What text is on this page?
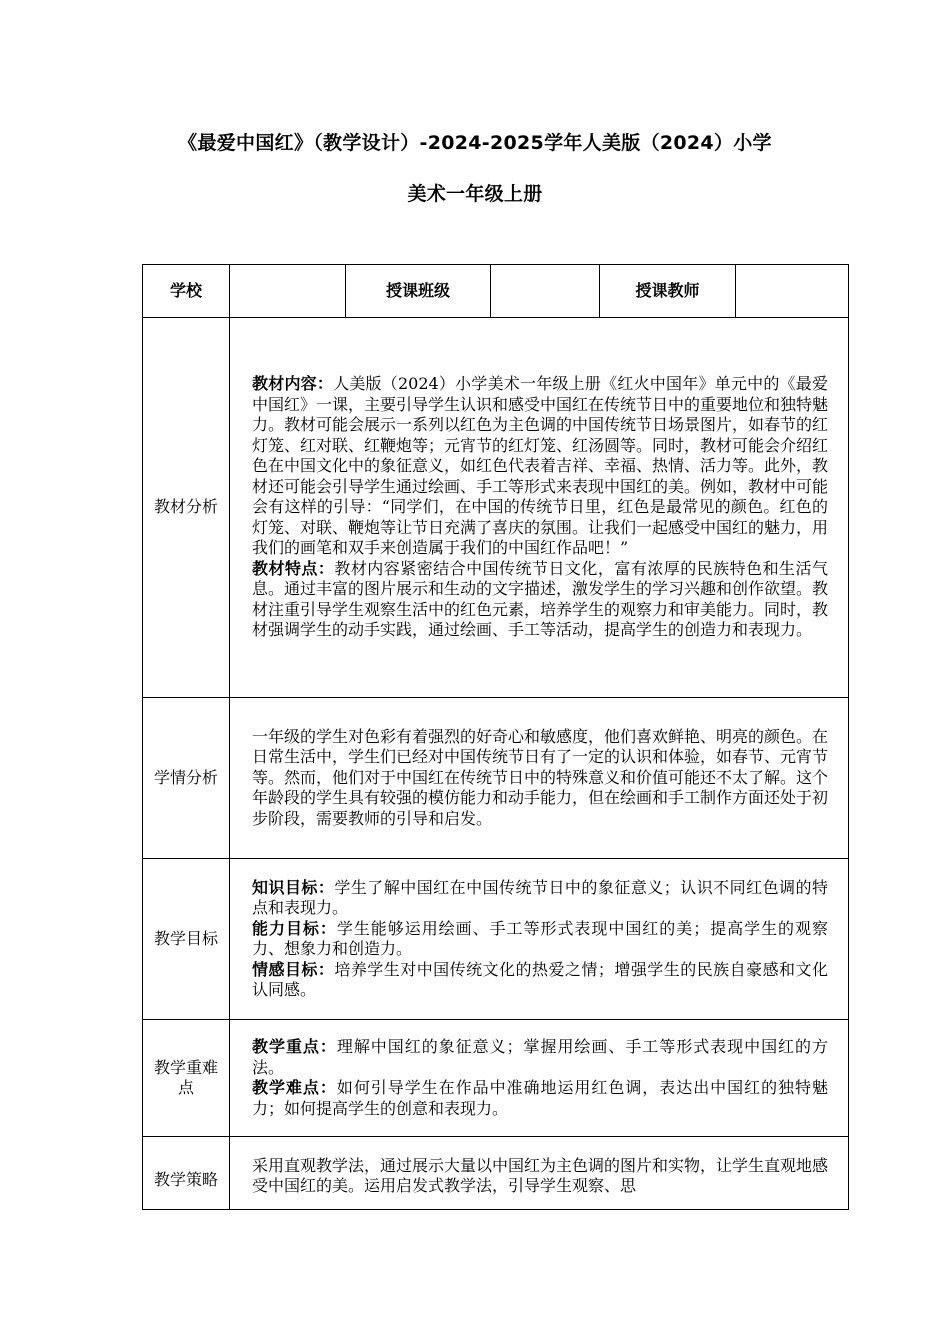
《最爱中国红》（教学设计）-2024-2025学年人美版（2024）小学
美术一年级上册
学校		授课班级		授课教师	
教材分析	教材内容：人美版（2024）小学美术一年级上册《红火中国年》单元中的《最爱中国红》一课，主要引导学生认识和感受中国红在传统节日中的重要地位和独特魅力。教材可能会展示一系列以红色为主色调的中国传统节日场景图片，如春节的红灯笼、红对联、红鞭炮等；元宵节的红灯笼、红汤圆等。同时，教材可能会介绍红色在中国文化中的象征意义，如红色代表着吉祥、幸福、热情、活力等。此外，教材还可能会引导学生通过绘画、手工等形式来表现中国红的美。例如，教材中可能会有这样的引导：“同学们，在中国的传统节日里，红色是最常见的颜色。红色的灯笼、对联、鞭炮等让节日充满了喜庆的氛围。让我们一起感受中国红的魅力，用我们的画笔和双手来创造属于我们的中国红作品吧！”

教材特点：教材内容紧密结合中国传统节日文化，富有浓厚的民族特色和生活气息。通过丰富的图片展示和生动的文字描述，激发学生的学习兴趣和创作欲望。教材注重引导学生观察生活中的红色元素，培养学生的观察力和审美能力。同时，教材强调学生的动手实践，通过绘画、手工等活动，提高学生的创造力和表现力。				

学情分析	一年级的学生对色彩有着强烈的好奇心和敏感度，他们喜欢鲜艳、明亮的颜色。在日常生活中，学生们已经对中国传统节日有了一定的认识和体验，如春节、元宵节等。然而，他们对于中国红在传统节日中的特殊意义和价值可能还不太了解。这个年龄段的学生具有较强的模仿能力和动手能力，但在绘画和手工制作方面还处于初步阶段，需要教师的引导和启发。				
教学目标	知识目标：学生了解中国红在中国传统节日中的象征意义；认识不同红色调的特点和表现力。

能力目标：学生能够运用绘画、手工等形式表现中国红的美；提高学生的观察力、想象力和创造力。

情感目标：培养学生对中国传统文化的热爱之情；增强学生的民族自豪感和文化认同感。				

教学重难点	教学重点：理解中国红的象征意义；掌握用绘画、手工等形式表现中国红的方法。

教学难点：如何引导学生在作品中准确地运用红色调，表达出中国红的独特魅力；如何提高学生的创意和表现力。				

教学策略	采用直观教学法，通过展示大量以中国红为主色调的图片和实物，让学生直观地感受中国红的美。运用启发式教学法，引导学生观察、思				
